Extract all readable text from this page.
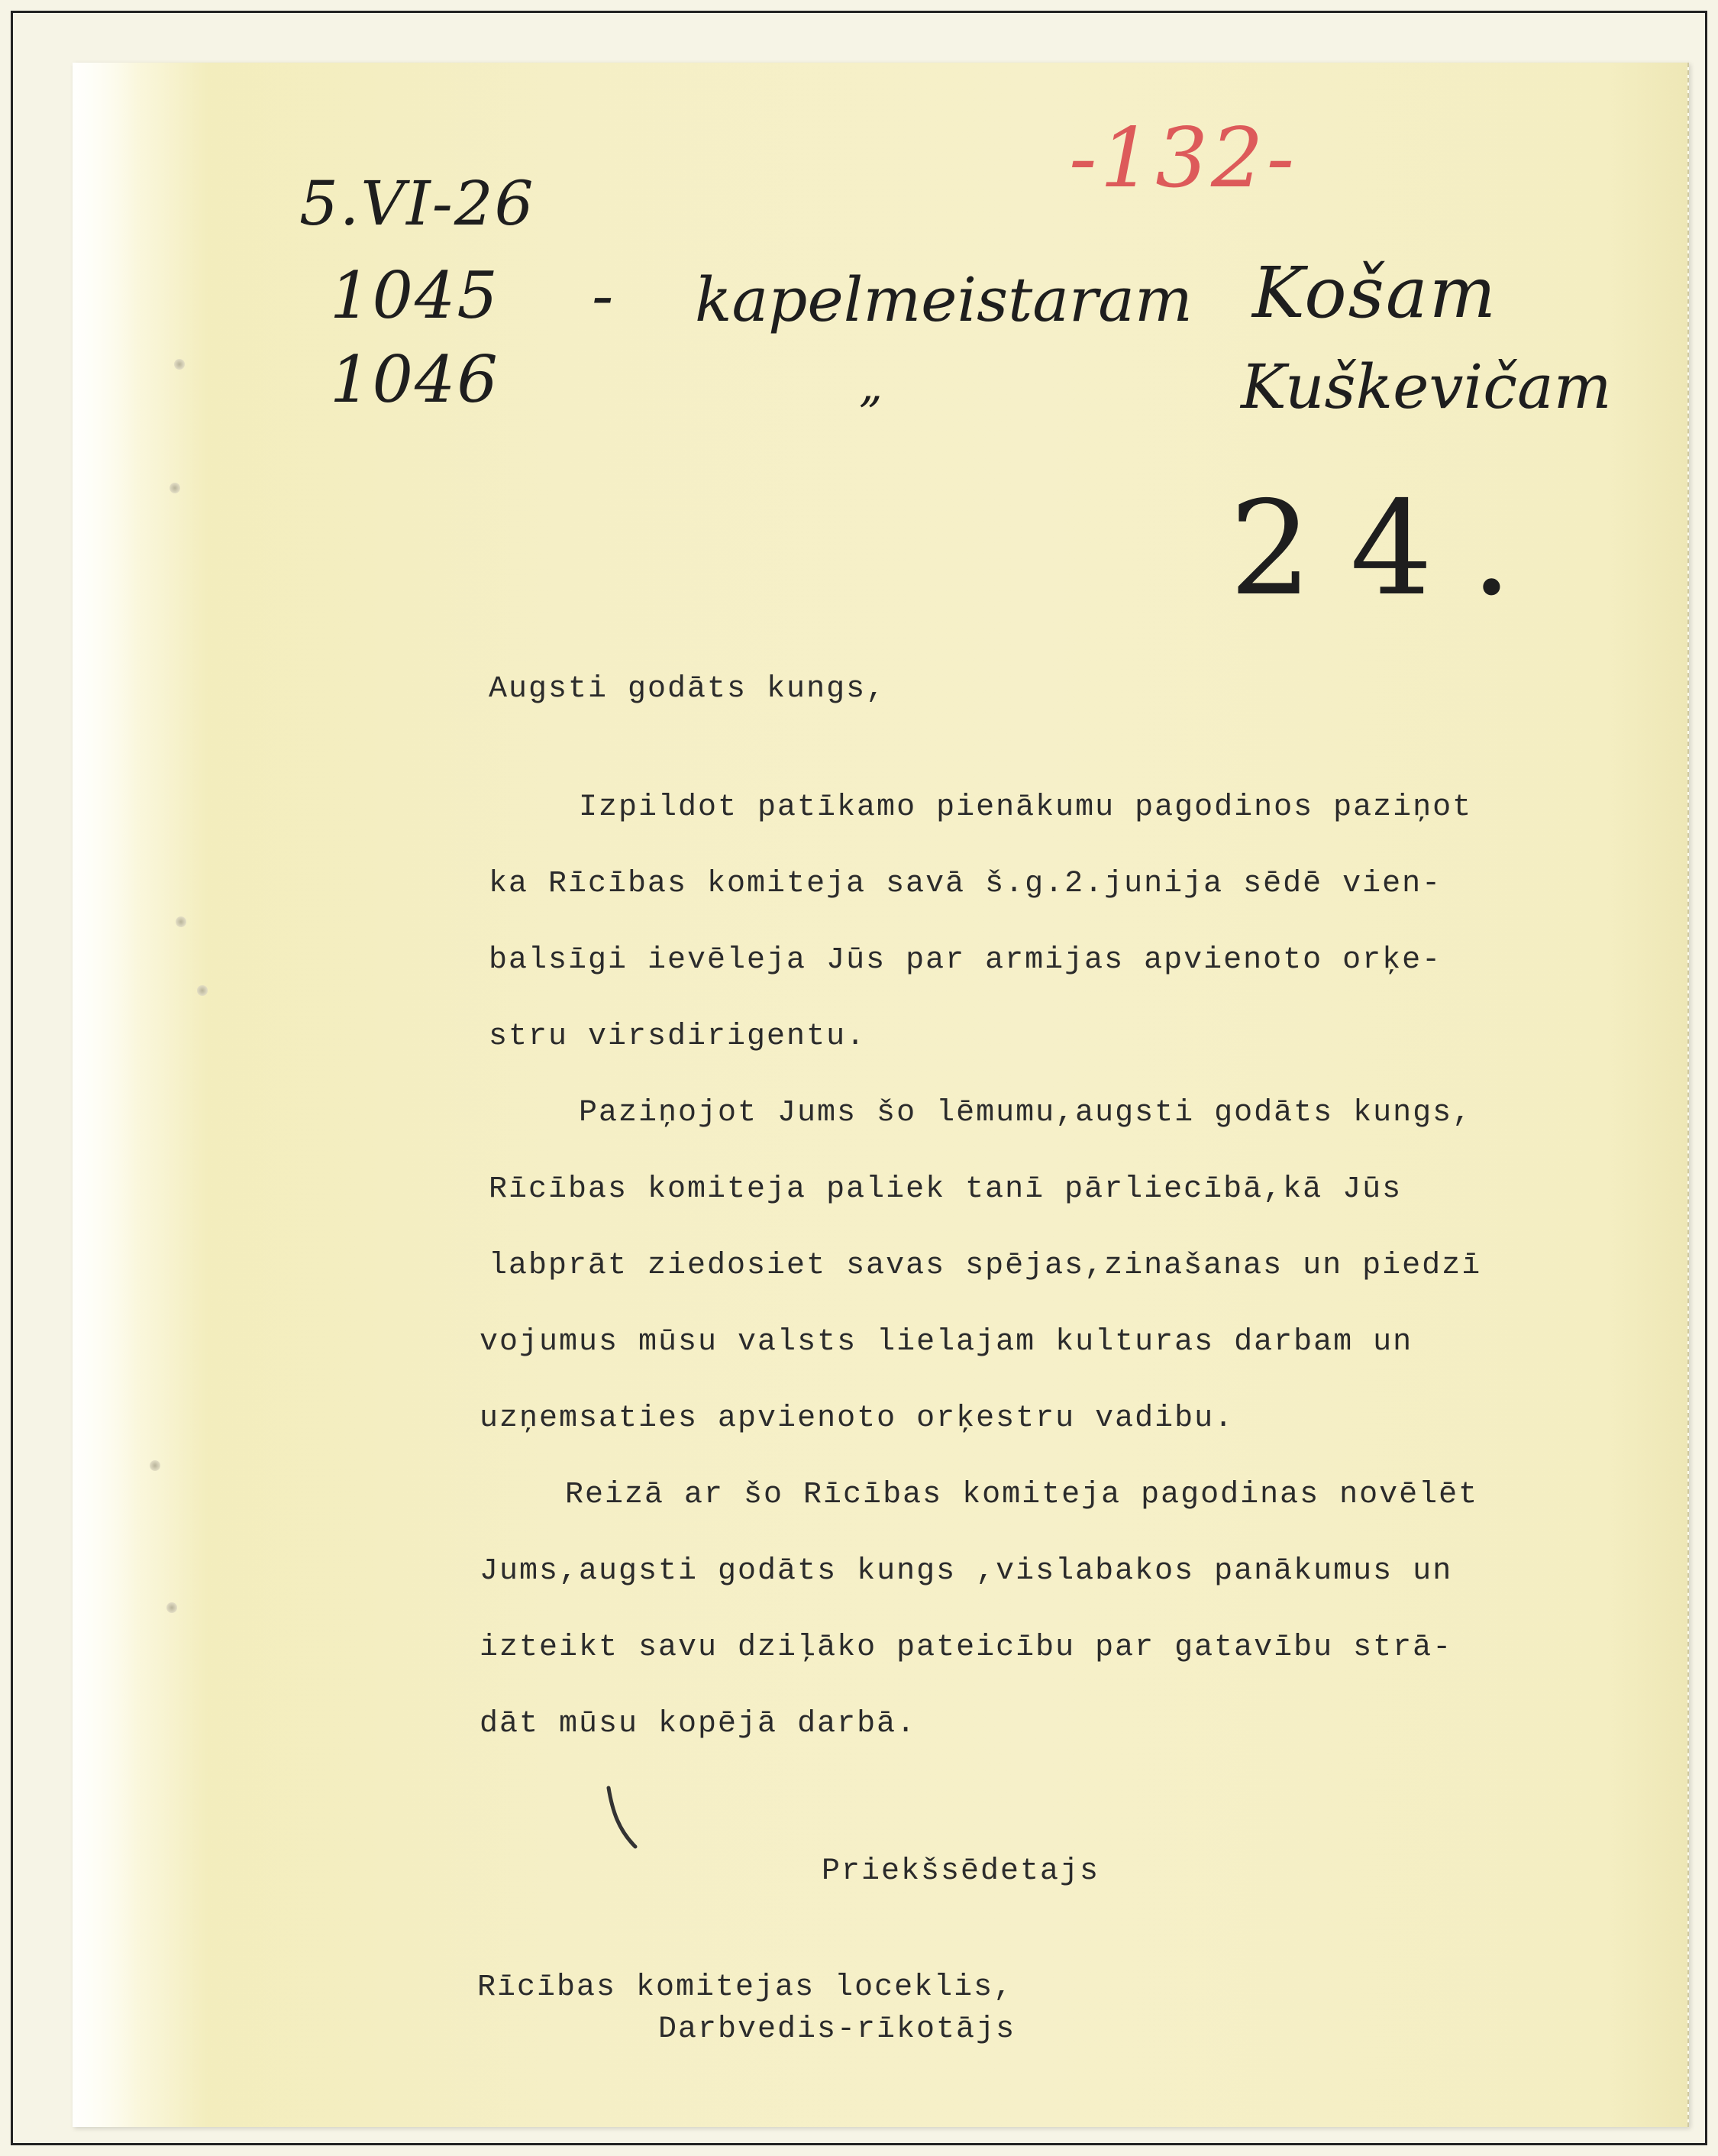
5.VI-26
1045
1046
- kapelmeistaram Košam
„	Kuškevičam
24.
-132-
Augsti godāts kungs,
Izpildot patīkamo pienākumu pagodinos paziņot
ka Rīcības komiteja savā š.g.2.junija sēdē vien-
balsīgi ievēleja Jūs par armijas apvienoto orķe-
stru virsdirigentu.
Paziņojot Jums šo lēmumu,augsti godāts kungs,
Rīcības komiteja paliek tanī pārliecībā,kā Jūs
labprāt ziedosiet savas spējas,zinašanas un piedzī
vojumus mūsu valsts lielajam kulturas darbam un
uzņemsaties apvienoto orķestru vadibu.
Reizā ar šo Rīcības komiteja pagodinas novēlēt
Jums,augsti godāts kungs ,vislabakos panākumus un
izteikt savu dziļāko pateicību par gatavību strā-
dāt mūsu kopējā darbā.
Priekšsēdetajs
Rīcības komitejas loceklis,
Darbvedis-rīkotājs
